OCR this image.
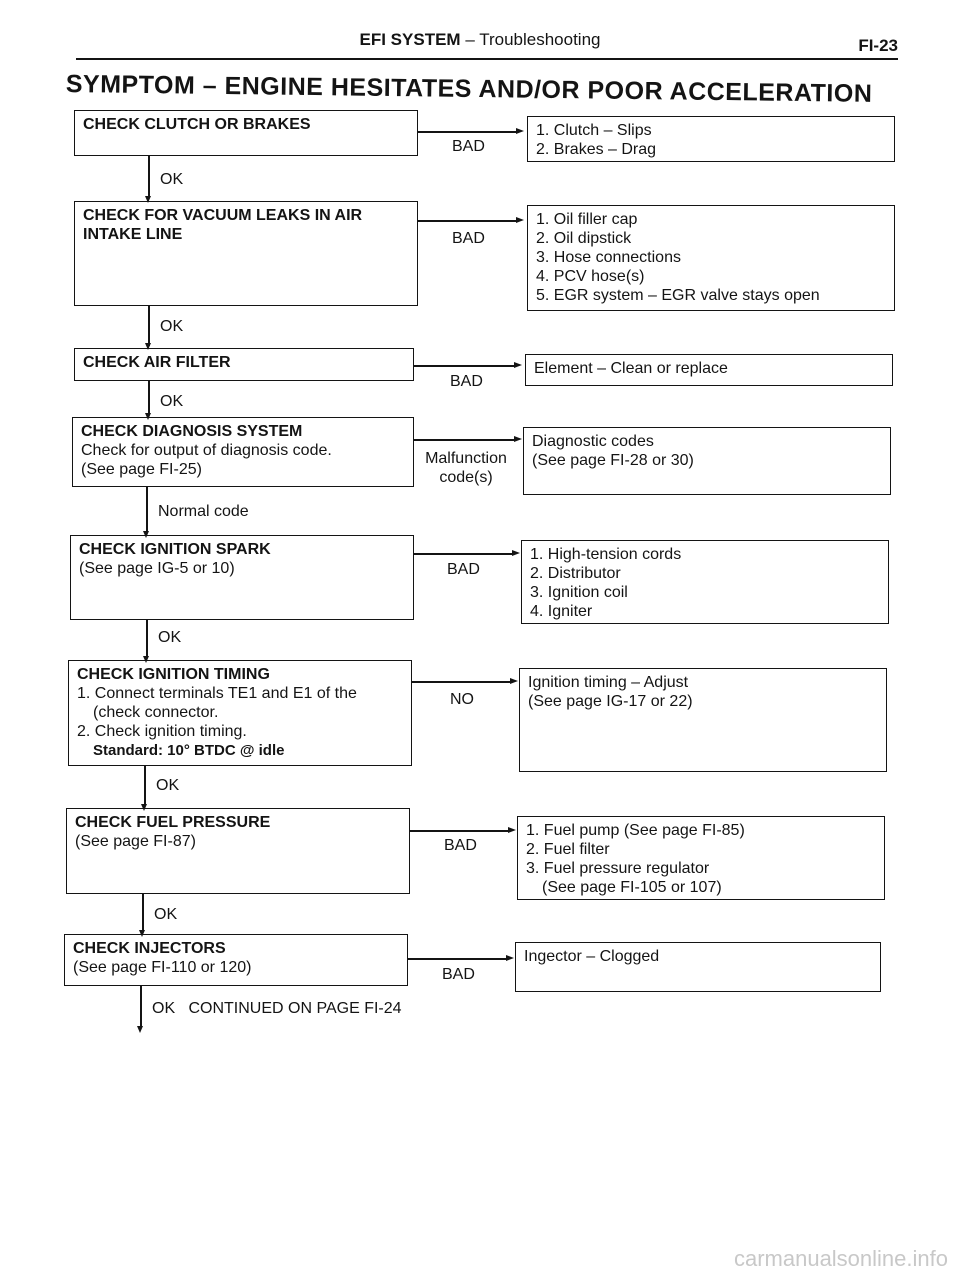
EFI SYSTEM – Troubleshooting	FI-23
SYMPTOM – ENGINE HESITATES AND/OR POOR ACCELERATION
CHECK CLUTCH OR BRAKES
BAD
1. Clutch – Slips
2. Brakes – Drag
OK
CHECK FOR VACUUM LEAKS IN AIR
INTAKE LINE	BAD
1. Oil filler cap
2. Oil dipstick
3. Hose connections
4. PCV hose(s)
5. EGR system – EGR valve stays open
OK
CHECK AIR FILTER
BAD
Element – Clean or replace
OK
CHECK DIAGNOSIS SYSTEM
Check for output of diagnosis code.
(See page FI-25)
Malfunction
code(s)
Diagnostic codes
(See page FI-28 or 30)
Normal code
CHECK IGNITION SPARK
(See page IG-5 or 10)	BAD
1. High-tension cords
2. Distributor
3. Ignition coil
4. Igniter
OK
CHECK IGNITION TIMING
1. Connect terminals TE1 and E1 of the
(check connector.
2. Check ignition timing.
Standard: 10° BTDC @ idle
NO
Ignition timing – Adjust
(See page IG-17 or 22)
OK
CHECK FUEL PRESSURE
(See page FI-87)	BAD
1. Fuel pump (See page FI-85)
2. Fuel filter
3. Fuel pressure regulator
(See page FI-105 or 107)
OK
CHECK INJECTORS
(See page FI-110 or 120)	BAD
Ingector – Clogged
OK CONTINUED ON PAGE FI-24
carmanualsonline.info
